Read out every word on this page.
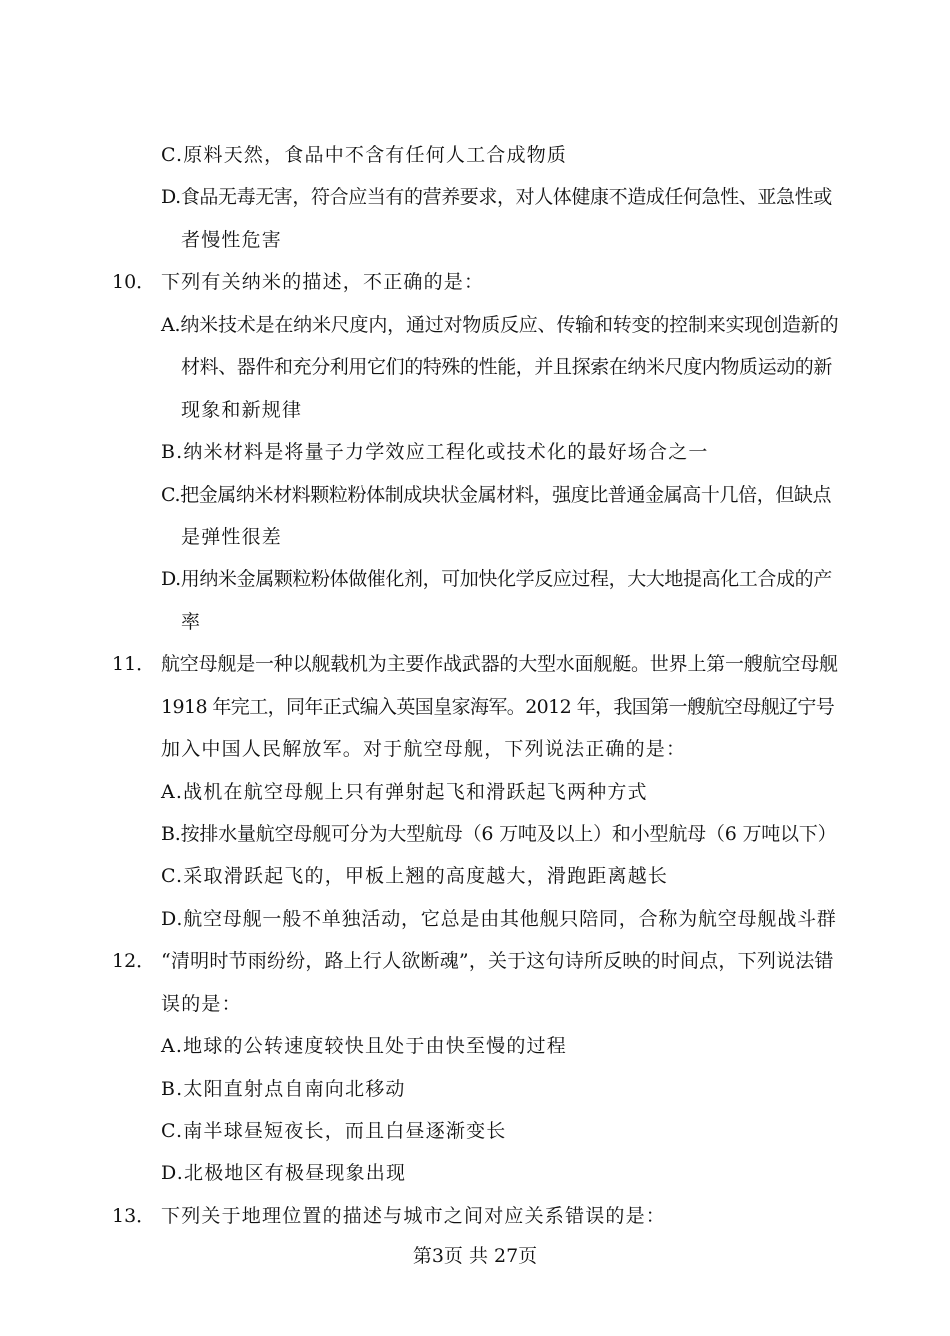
C.原料天然，食品中不含有任何人工合成物质
D.食品无毒无害，符合应当有的营养要求，对人体健康不造成任何急性、亚急性或
者慢性危害
10． 下列有关纳米的描述，不正确的是：
A.纳米技术是在纳米尺度内，通过对物质反应、传输和转变的控制来实现创造新的
材料、器件和充分利用它们的特殊的性能，并且探索在纳米尺度内物质运动的新
现象和新规律
B.纳米材料是将量子力学效应工程化或技术化的最好场合之一
C.把金属纳米材料颗粒粉体制成块状金属材料，强度比普通金属高十几倍，但缺点
是弹性很差
D.用纳米金属颗粒粉体做催化剂，可加快化学反应过程，大大地提高化工合成的产
率
11． 航空母舰是一种以舰载机为主要作战武器的大型水面舰艇。世界上第一艘航空母舰
1918 年完工，同年正式编入英国皇家海军。2012 年，我国第一艘航空母舰辽宁号
加入中国人民解放军。对于航空母舰，下列说法正确的是：
A.战机在航空母舰上只有弹射起飞和滑跃起飞两种方式
B.按排水量航空母舰可分为大型航母（6 万吨及以上）和小型航母（6 万吨以下）
C.采取滑跃起飞的，甲板上翘的高度越大，滑跑距离越长
D.航空母舰一般不单独活动，它总是由其他舰只陪同，合称为航空母舰战斗群
12． “清明时节雨纷纷，路上行人欲断魂”，关于这句诗所反映的时间点，下列说法错
误的是：
A.地球的公转速度较快且处于由快至慢的过程
B.太阳直射点自南向北移动
C.南半球昼短夜长，而且白昼逐渐变长
D.北极地区有极昼现象出现
13． 下列关于地理位置的描述与城市之间对应关系错误的是：
第3页 共 27页
